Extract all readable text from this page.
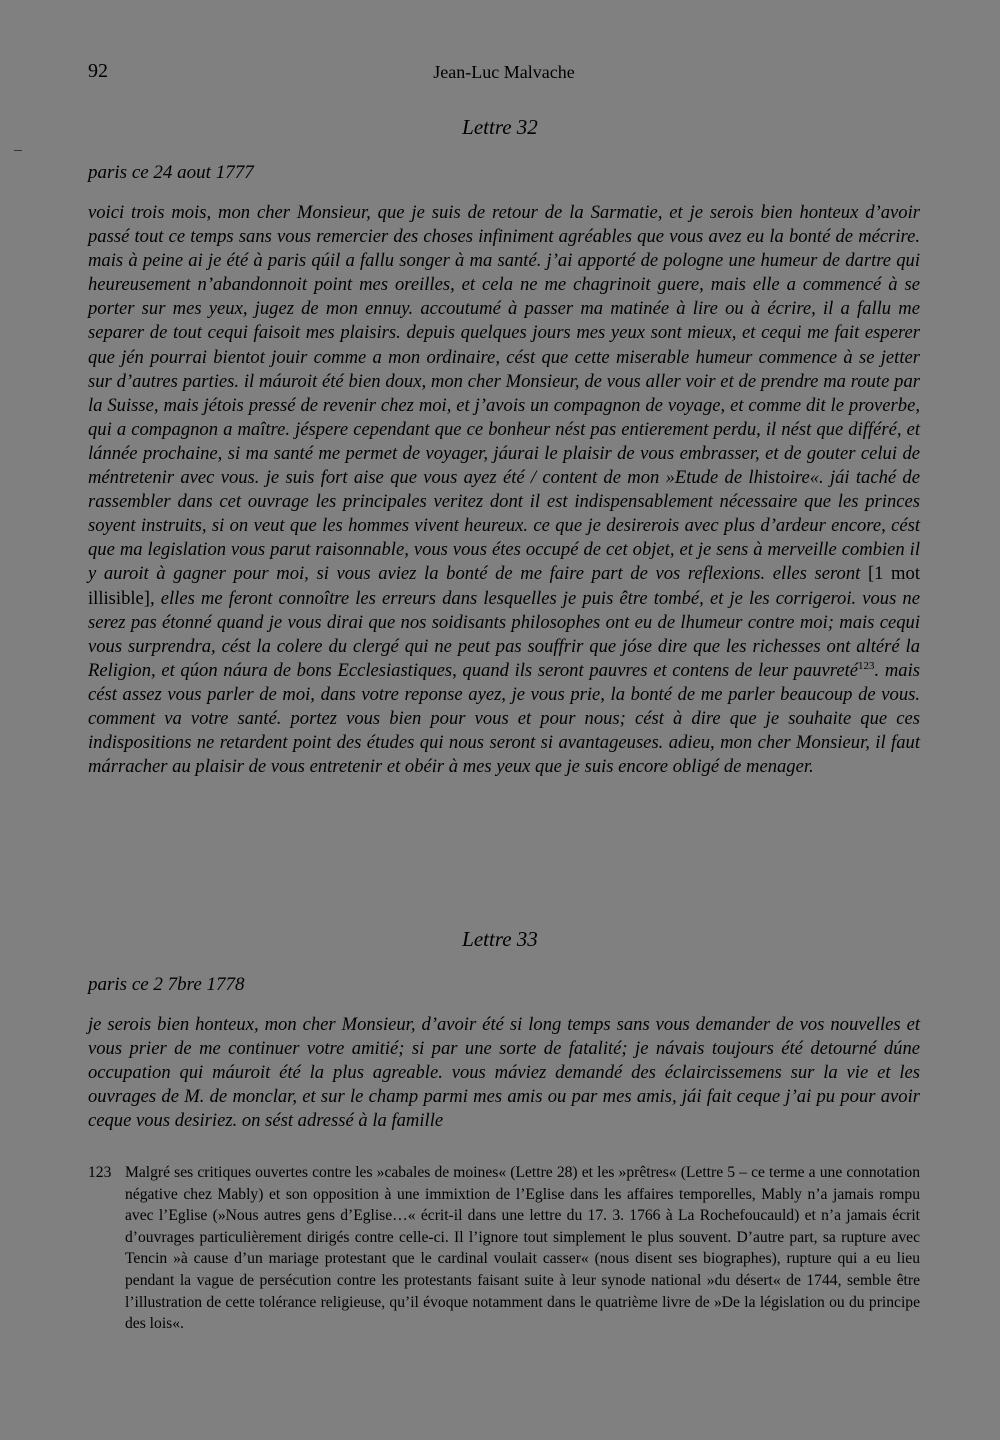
92	Jean-Luc Malvache
Lettre 32
paris ce 24 aout 1777
voici trois mois, mon cher Monsieur, que je suis de retour de la Sarmatie, et je serois bien honteux d’avoir passé tout ce temps sans vous remercier des choses infiniment agréables que vous avez eu la bonté de mécrire. mais à peine ai je été à paris qúil a fallu songer à ma santé. j’ai apporté de pologne une humeur de dartre qui heureusement n’abandonnoit point mes oreilles, et cela ne me chagrinoit guere, mais elle a commencé à se porter sur mes yeux, jugez de mon ennuy. accoutumé à passer ma matinée à lire ou à écrire, il a fallu me separer de tout cequi faisoit mes plaisirs. depuis quelques jours mes yeux sont mieux, et cequi me fait esperer que jén pourrai bientot jouir comme a mon ordinaire, cést que cette miserable humeur commence à se jetter sur d’autres parties. il máuroit été bien doux, mon cher Monsieur, de vous aller voir et de prendre ma route par la Suisse, mais jétois pressé de revenir chez moi, et j’avois un compagnon de voyage, et comme dit le proverbe, qui a compagnon a maître. jéspere cependant que ce bonheur nést pas entierement perdu, il nést que différé, et lánnée prochaine, si ma santé me permet de voyager, jáurai le plaisir de vous embrasser, et de gouter celui de méntretenir avec vous. je suis fort aise que vous ayez été / content de mon »Etude de lhistoire«. jái taché de rassembler dans cet ouvrage les principales veritez dont il est indispensablement nécessaire que les princes soyent instruits, si on veut que les hommes vivent heureux. ce que je desirerois avec plus d’ardeur encore, cést que ma legislation vous parut raisonnable, vous vous étes occupé de cet objet, et je sens à merveille combien il y auroit à gagner pour moi, si vous aviez la bonté de me faire part de vos reflexions. elles seront [1 mot illisible], elles me feront connoître les erreurs dans lesquelles je puis être tombé, et je les corrigeroi. vous ne serez pas étonné quand je vous dirai que nos soidisants philosophes ont eu de lhumeur contre moi; mais cequi vous surprendra, cést la colere du clergé qui ne peut pas souffrir que jóse dire que les richesses ont altéré la Religion, et qúon náura de bons Ecclesiastiques, quand ils seront pauvres et contens de leur pauvreté$^{123}$. mais cést assez vous parler de moi, dans votre reponse ayez, je vous prie, la bonté de me parler beaucoup de vous. comment va votre santé. portez vous bien pour vous et pour nous; cést à dire que je souhaite que ces indispositions ne retardent point des études qui nous seront si avantageuses. adieu, mon cher Monsieur, il faut márracher au plaisir de vous entretenir et obéir à mes yeux que je suis encore obligé de menager.
Lettre 33
paris ce 2 7bre 1778
je serois bien honteux, mon cher Monsieur, d’avoir été si long temps sans vous demander de vos nouvelles et vous prier de me continuer votre amitié; si par une sorte de fatalité; je návais toujours été detourné dúne occupation qui máuroit été la plus agreable. vous máviez demandé des éclaircissemens sur la vie et les ouvrages de M. de monclar, et sur le champ parmi mes amis ou par mes amis, jái fait ceque j’ai pu pour avoir ceque vous desiriez. on sést adressé à la famille
123 Malgré ses critiques ouvertes contre les »cabales de moines« (Lettre 28) et les »prêtres« (Lettre 5 – ce terme a une connotation négative chez Mably) et son opposition à une immixtion de l’Eglise dans les affaires temporelles, Mably n’a jamais rompu avec l’Eglise (»Nous autres gens d’Eglise…« écrit-il dans une lettre du 17. 3. 1766 à La Rochefoucauld) et n’a jamais écrit d’ouvrages particulièrement dirigés contre celle-ci. Il l’ignore tout simplement le plus souvent. D’autre part, sa rupture avec Tencin »à cause d’un mariage protestant que le cardinal voulait casser« (nous disent ses biographes), rupture qui a eu lieu pendant la vague de persécution contre les protestants faisant suite à leur synode national »du désert« de 1744, semble être l’illustration de cette tolérance religieuse, qu’il évoque notamment dans le quatrième livre de »De la législation ou du principe des lois«.
